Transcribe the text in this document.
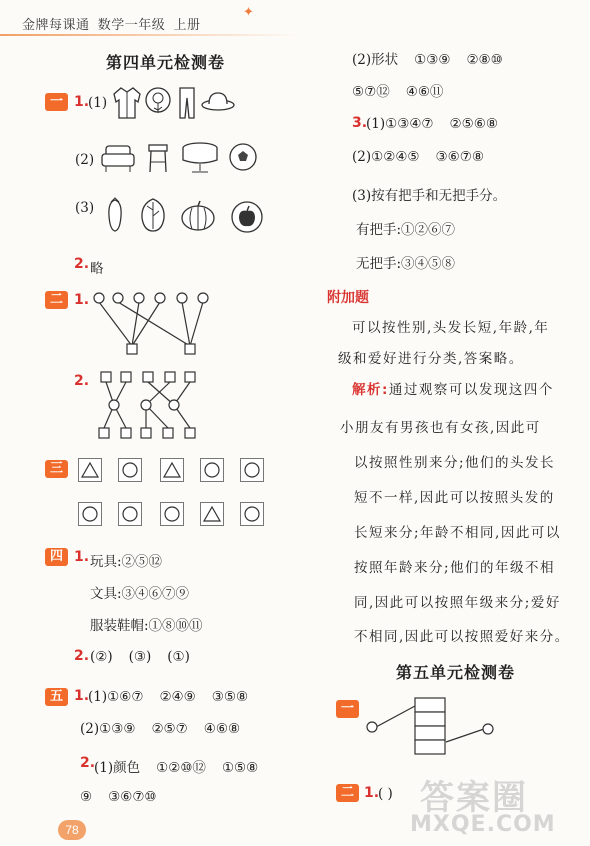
金牌每课通 数学一年级 上册
✦
第四单元检测卷
一 1.
(1)
(2)
(3)
2. 略
二 1.
2.
三
四 1. 玩具:②⑤⑫
文具:③④⑥⑦⑨
服装鞋帽:①⑧⑩⑪
2. (②) (③) (①)
五 1.
(1)①⑥⑦ ②④⑨ ③⑤⑧
(2)①③⑨ ②⑤⑦ ④⑥⑧
2.
(1)颜色 ①②⑩⑫ ①⑤⑧
⑨ ③⑥⑦⑩
(2)形状 ①③⑨ ②⑧⑩
⑤⑦⑫ ④⑥⑪
3.
(1)①③④⑦ ②⑤⑥⑧
(2)①②④⑤ ③⑥⑦⑧
(3)按有把手和无把手分。
有把手:①②⑥⑦
无把手:③④⑤⑧
附加题
可以按性别,头发长短,年龄,年
级和爱好进行分类,答案略。
解析:通过观察可以发现这四个
小朋友有男孩也有女孩,因此可
以按照性别来分;他们的头发长
短不一样,因此可以按照头发的
长短来分;年龄不相同,因此可以
按照年龄来分;他们的年级不相
同,因此可以按照年级来分;爱好
不相同,因此可以按照爱好来分。
第五单元检测卷
一
二 1.
( )
78
答案圈
MXQE.COM
